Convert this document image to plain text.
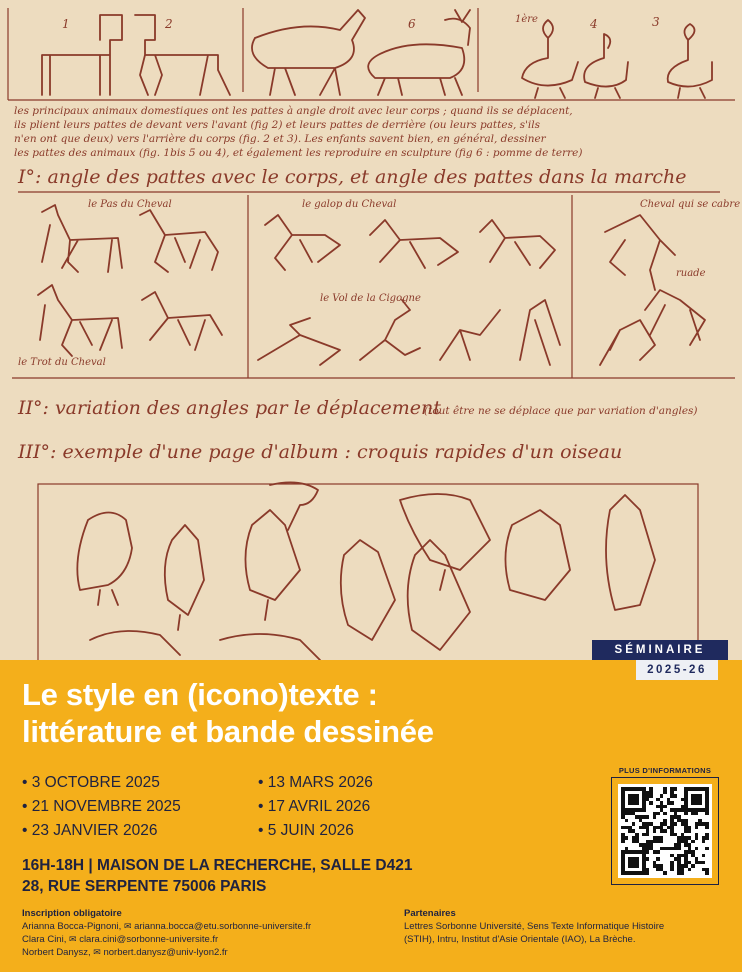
1	2	6	1ère	4	3
les principaux animaux domestiques ont les pattes à angle droit avec leur corps ; quand ils se déplacent,
ils plient leurs pattes de devant vers l'avant (fig 2) et leurs pattes de derrière (ou leurs pattes, s'ils
n'en ont que deux) vers l'arrière du corps (fig. 2 et 3). Les enfants savent bien, en général, dessiner
les pattes des animaux (fig. 1bis 5 ou 4), et également les reproduire en sculpture (fig 6 : pomme de terre)
I°: angle des pattes avec le corps, et angle des pattes dans la marche
le Pas du Cheval	le galop du Cheval	Cheval qui se cabre
ruade
le Vol de la Cigogne
le Trot du Cheval
II°: variation des angles par le déplacement
(tout être ne se déplace que par variation d'angles)
III°: exemple d'une page d'album : croquis rapides d'un oiseau
SÉMINAIRE
2025-26
Le style en (icono)texte :
littérature et bande dessinée
• 3 OCTOBRE 2025
• 21 NOVEMBRE 2025
• 23 JANVIER 2026
• 13 MARS 2026
• 17 AVRIL 2026
• 5 JUIN 2026
16H-18H | MAISON DE LA RECHERCHE, SALLE D421
28, RUE SERPENTE 75006 PARIS
PLUS D'INFORMATIONS
Inscription obligatoire
Arianna Bocca-Pignoni, ✉ arianna.bocca@etu.sorbonne-universite.fr
Clara Cini, ✉ clara.cini@sorbonne-universite.fr
Norbert Danysz, ✉ norbert.danysz@univ-lyon2.fr
Partenaires
Lettres Sorbonne Université, Sens Texte Informatique Histoire (STIH), Intru, Institut d'Asie Orientale (IAO), La Brèche.
